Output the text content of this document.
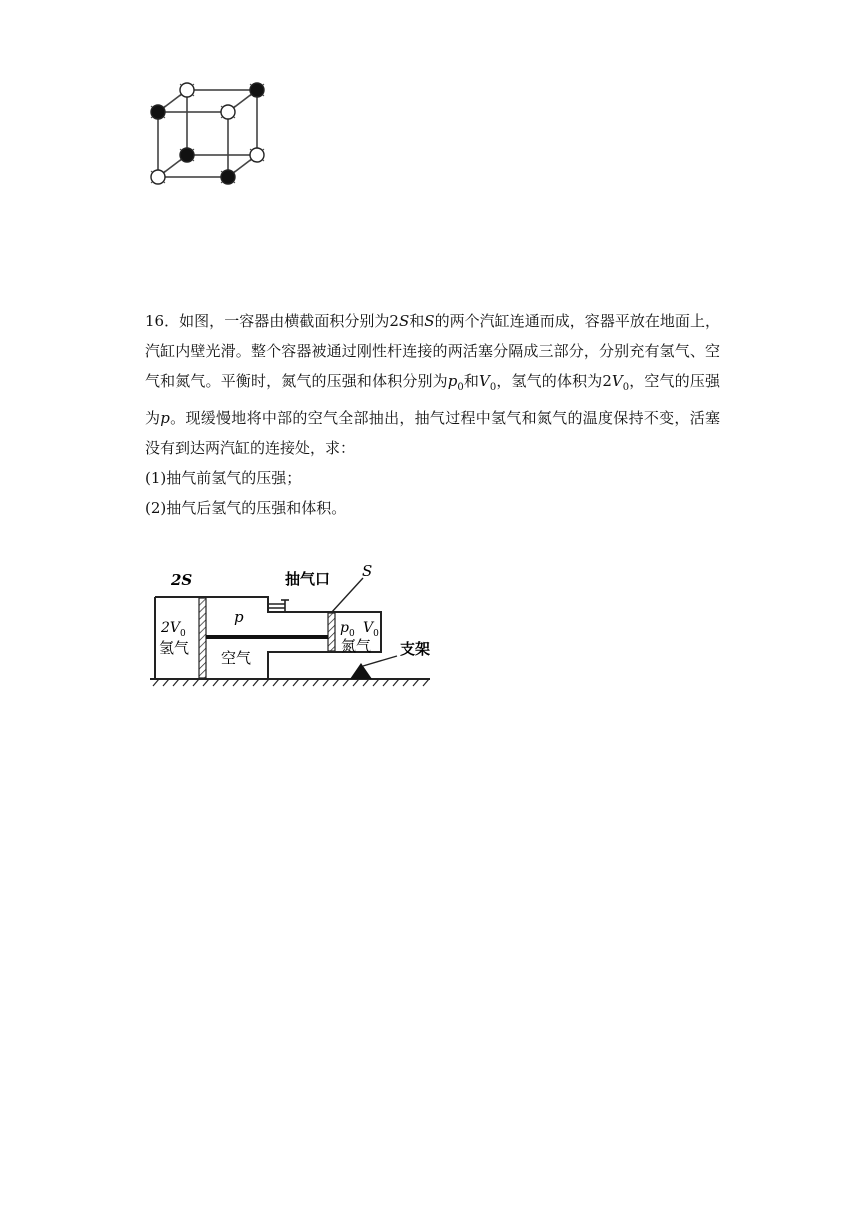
16．如图，一容器由横截面积分别为2S和S的两个汽缸连通而成，容器平放在地面上，汽缸内壁光滑。整个容器被通过刚性杆连接的两活塞分隔成三部分，分别充有氢气、空气和氮气。平衡时，氮气的压强和体积分别为$p_0$和$V_0$，氢气的体积为$2V_0$，空气的压强为p。现缓慢地将中部的空气全部抽出，抽气过程中氢气和氮气的温度保持不变，活塞没有到达两汽缸的连接处，求：

(1)抽气前氢气的压强；

(2)抽气后氢气的压强和体积。

2S	S
抽气口
p
$2V_0$
氢气
空气
$p_0$ $V_0$
氮气 支架
